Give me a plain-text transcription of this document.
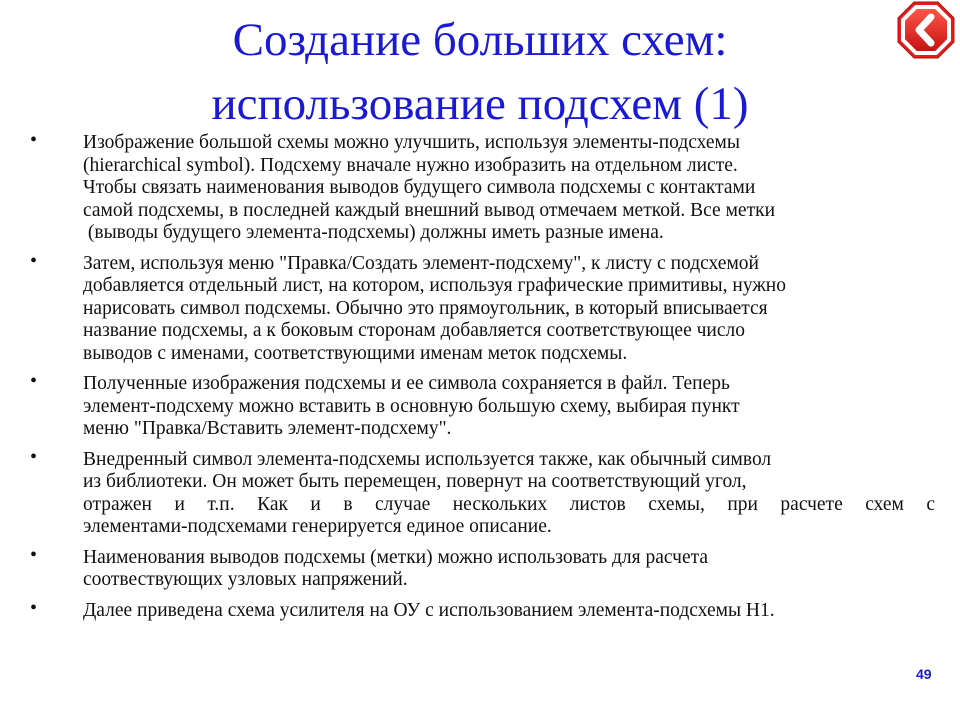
Создание больших схем:
использование подсхем (1)
• Изображение большой схемы можно улучшить, используя элементы-подсхемы
(hierarchical symbol). Подсхему вначале нужно изобразить на отдельном листе.
Чтобы связать наименования выводов будущего символа подсхемы с контактами
самой подсхемы, в последней каждый внешний вывод отмечаем меткой. Все метки
(выводы будущего элемента-подсхемы) должны иметь разные имена.
• Затем, используя меню "Правка/Создать элемент-подсхему", к листу с подсхемой
добавляется отдельный лист, на котором, используя графические примитивы, нужно
нарисовать символ подсхемы. Обычно это прямоугольник, в который вписывается
название подсхемы, а к боковым сторонам добавляется соответствующее число
выводов с именами, соответствующими именам меток подсхемы.
• Полученные изображения подсхемы и ее символа сохраняется в файл. Теперь
элемент-подсхему можно вставить в основную большую схему, выбирая пункт
меню "Правка/Вставить элемент-подсхему".
• Внедренный символ элемента-подсхемы используется также, как обычный символ
из библиотеки. Он может быть перемещен, повернут на соответствующий угол,
отражен и т.п. Как и в случае нескольких листов схемы, при расчете схем с
элементами-подсхемами генерируется единое описание.
• Наименования выводов подсхемы (метки) можно использовать для расчета
соотвествующих узловых напряжений.
• Далее приведена схема усилителя на ОУ с использованием элемента-подсхемы H1.
49
